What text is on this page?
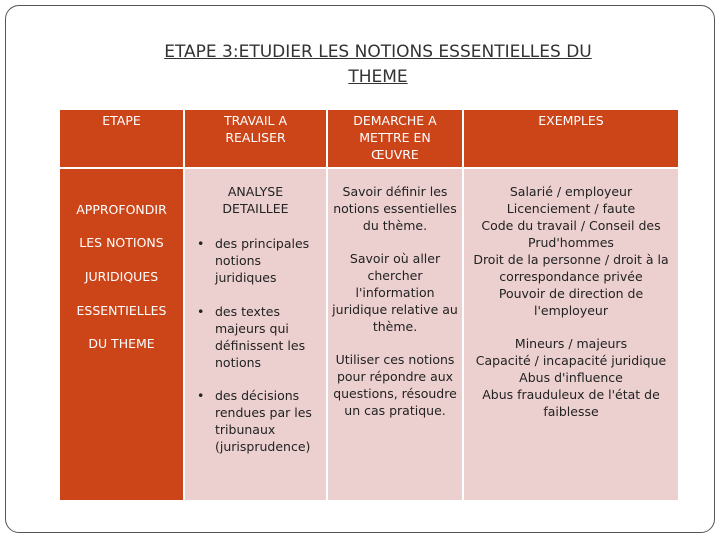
ETAPE 3:ETUDIER LES NOTIONS ESSENTIELLES DU
THEME
ETAPE	TRAVAIL A REALISER
DEMARCHE A METTRE EN ŒUVRE
EXEMPLES
APPROFONDIR
LES NOTIONS
JURIDIQUES
ESSENTIELLES
DU THEME
ANALYSE DETAILLEE
• des principales notions juridiques
• des textes majeurs qui définissent les notions
• des décisions rendues par les tribunaux (jurisprudence)
Savoir définir les notions essentielles du thème.
Savoir où aller chercher l'information juridique relative au thème.
Utiliser ces notions pour répondre aux questions, résoudre un cas pratique.
Salarié / employeur
Licenciement / faute
Code du travail / Conseil des Prud'hommes
Droit de la personne / droit à la correspondance privée
Pouvoir de direction de l'employeur
Mineurs / majeurs
Capacité / incapacité juridique
Abus d'influence
Abus frauduleux de l'état de faiblesse
